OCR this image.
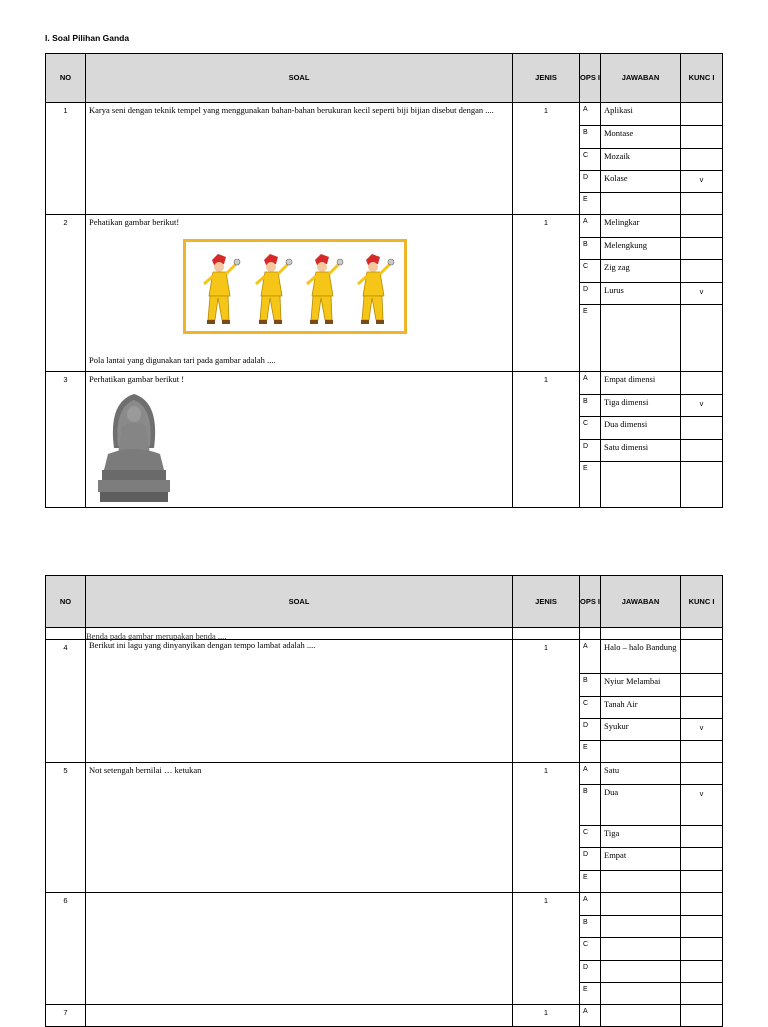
I. Soal Pilihan Ganda
NO	SOAL	JENIS	OPS I	JAWABAN	KUNC I

1	Karya seni dengan teknik tempel yang menggunakan bahan-bahan berukuran kecil seperti biji bijian disebut dengan ....	1	A	Aplikasi	
			B	Montase	
			C	Mozaik	
			D	Kolase	v
			E		

2	Pehatikan gambar berikut!
Pola lantai yang digunakan tari pada gambar adalah ....	1	A	Melingkar	
			B	Melengkung	
			C	Zig zag	
			D	Lurus	v
			E		

3	Perhatikan gambar berikut !	1	A	Empat dimensi	
			B	Tiga dimensi	v
			C	Dua dimensi	
			D	Satu dimensi	
			E		
NO	SOAL	JENIS	OPS I	JAWABAN	KUNC I

4	Benda pada gambar merupakan benda ....
Berikut ini lagu yang dinyanyikan dengan tempo lambat adalah ....	1	A	Halo – halo Bandung	
			B	Nyiur Melambai	
			C	Tanah Air	
			D	Syukur	v
			E		

5	Not setengah bernilai … ketukan	1	A	Satu	
			B	Dua	v
			C	Tiga	
			D	Empat	
			E		

6		1	A		
			B		
			C		
			D		
			E		

7		1	A		
